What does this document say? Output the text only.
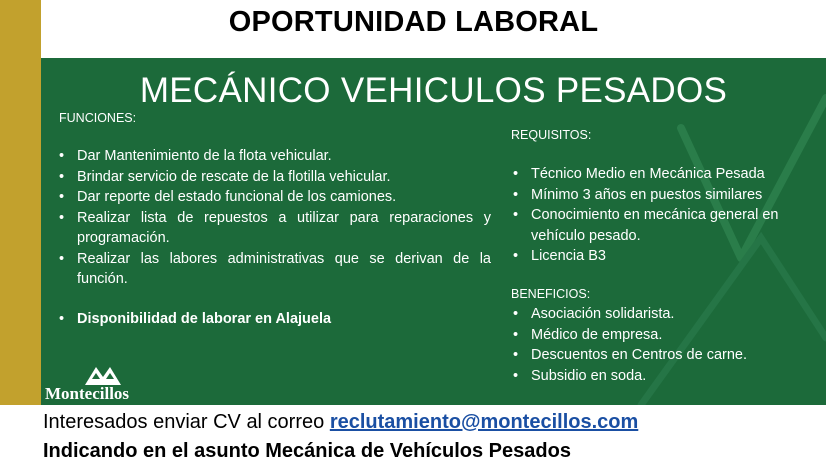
OPORTUNIDAD LABORAL
MECÁNICO VEHICULOS PESADOS
FUNCIONES:
• Dar Mantenimiento de la flota vehicular.
• Brindar servicio de rescate de la flotilla vehicular.
• Dar reporte del estado funcional de los camiones.
• Realizar lista de repuestos a utilizar para reparaciones y programación.
• Realizar las labores administrativas que se derivan de la función.
• Disponibilidad de laborar en Alajuela
REQUISITOS:
• Técnico Medio en Mecánica Pesada
• Mínimo 3 años en puestos similares
• Conocimiento en mecánica general en vehículo pesado.
• Licencia B3
BENEFICIOS:
• Asociación solidarista.
• Médico de empresa.
• Descuentos en Centros de carne.
• Subsidio en soda.
Montecillos
Interesados enviar CV al correo reclutamiento@montecillos.com
Indicando en el asunto Mecánica de Vehículos Pesados
